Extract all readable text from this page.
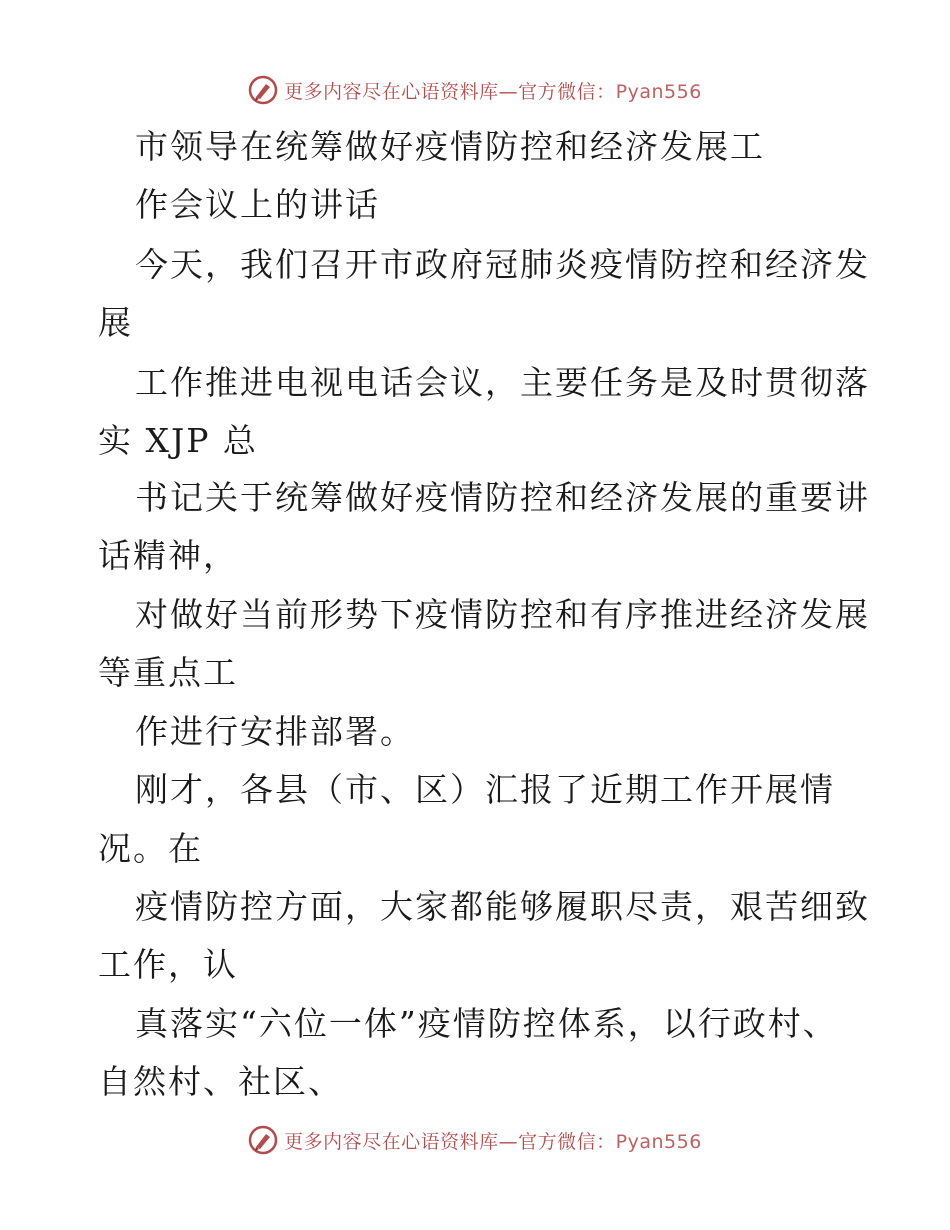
更多内容尽在心语资料库—官方微信：Pyan556

市领导在统筹做好疫情防控和经济发展工

作会议上的讲话

今天，我们召开市政府冠肺炎疫情防控和经济发

展

工作推进电视电话会议，主要任务是及时贯彻落

实 XJP 总

书记关于统筹做好疫情防控和经济发展的重要讲

话精神，

对做好当前形势下疫情防控和有序推进经济发展

等重点工

作进行安排部署。

刚才，各县（市、区）汇报了近期工作开展情

况。在

疫情防控方面，大家都能够履职尽责，艰苦细致

工作，认

真落实“六位一体”疫情防控体系，以行政村、

自然村、社区、

更多内容尽在心语资料库—官方微信：Pyan556
